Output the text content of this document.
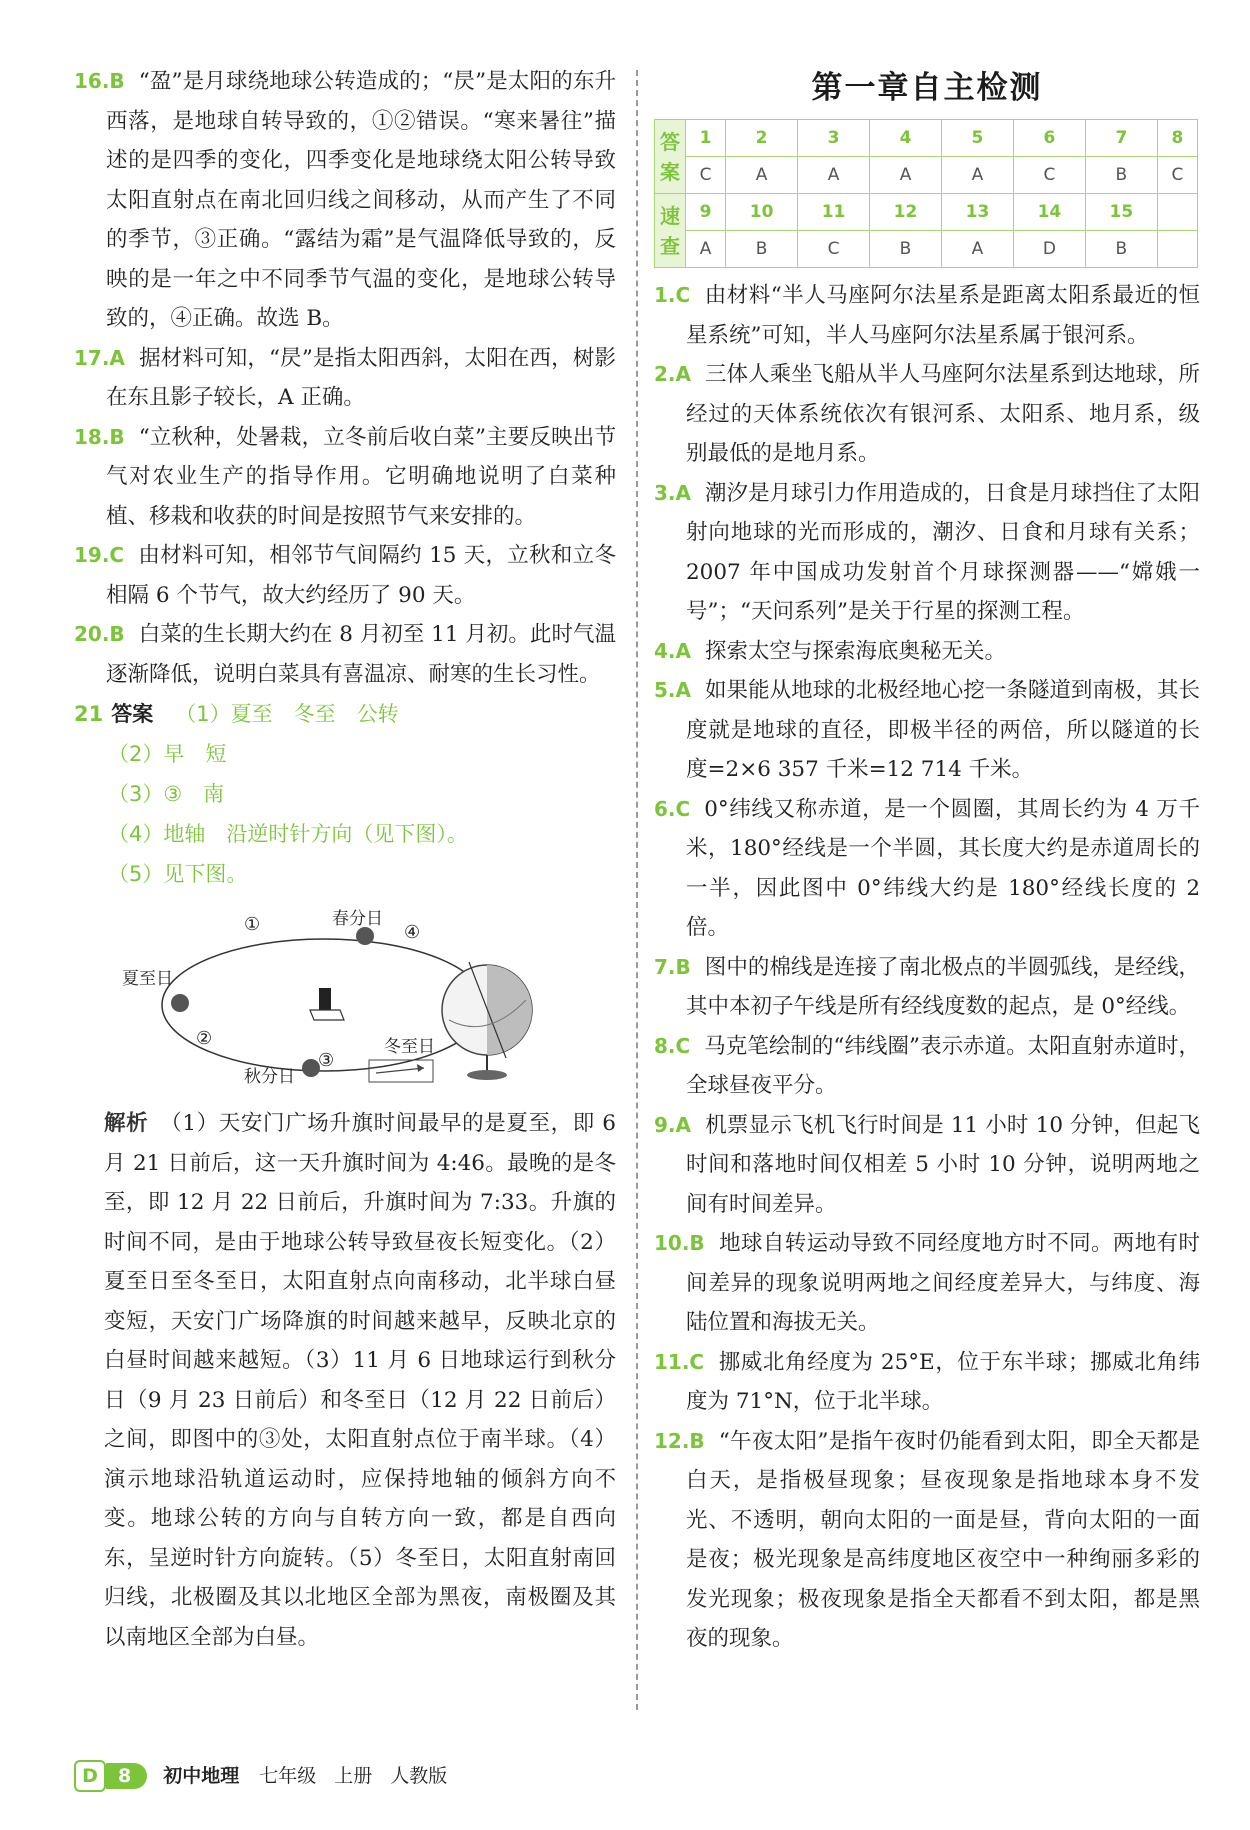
16.B “盈”是月球绕地球公转造成的；“昃”是太阳的东升西落，是地球自转导致的，①②错误。“寒来暑往”描述的是四季的变化，四季变化是地球绕太阳公转导致太阳直射点在南北回归线之间移动，从而产生了不同的季节，③正确。“露结为霜”是气温降低导致的，反映的是一年之中不同季节气温的变化，是地球公转导致的，④正确。故选 B。

17.A 据材料可知，“昃”是指太阳西斜，太阳在西，树影在东且影子较长，A 正确。

18.B “立秋种，处暑栽，立冬前后收白菜”主要反映出节气对农业生产的指导作用。它明确地说明了白菜种植、移栽和收获的时间是按照节气来安排的。

19.C 由材料可知，相邻节气间隔约 15 天，立秋和立冬相隔 6 个节气，故大约经历了 90 天。

20.B 白菜的生长期大约在 8 月初至 11 月初。此时气温逐渐降低，说明白菜具有喜温凉、耐寒的生长习性。

21 答案 （1）夏至　冬至　公转

（2）早　短

（3）③　南

（4）地轴　沿逆时针方向（见下图）。

（5）见下图。

春分日
夏至日
秋分日
冬至日
①
②
③
④

解析 （1）天安门广场升旗时间最早的是夏至，即 6 月 21 日前后，这一天升旗时间为 4:46。最晚的是冬至，即 12 月 22 日前后，升旗时间为 7:33。升旗的时间不同，是由于地球公转导致昼夜长短变化。（2）夏至日至冬至日，太阳直射点向南移动，北半球白昼变短，天安门广场降旗的时间越来越早，反映北京的白昼时间越来越短。（3）11 月 6 日地球运行到秋分日（9 月 23 日前后）和冬至日（12 月 22 日前后）之间，即图中的③处，太阳直射点位于南半球。（4）演示地球沿轨道运动时，应保持地轴的倾斜方向不变。地球公转的方向与自转方向一致，都是自西向东，呈逆时针方向旋转。（5）冬至日，太阳直射南回归线，北极圈及其以北地区全部为黑夜，南极圈及其以南地区全部为白昼。

第一章自主检测
答
案	1	2	3	4	5	6	7	8
	C	A	A	A	A	C	B	C
速
查	9	10	11	12	13	14	15	
	A	B	C	B	A	D	B	

1.C 由材料“半人马座阿尔法星系是距离太阳系最近的恒星系统”可知，半人马座阿尔法星系属于银河系。

2.A 三体人乘坐飞船从半人马座阿尔法星系到达地球，所经过的天体系统依次有银河系、太阳系、地月系，级别最低的是地月系。

3.A 潮汐是月球引力作用造成的，日食是月球挡住了太阳射向地球的光而形成的，潮汐、日食和月球有关系；2007 年中国成功发射首个月球探测器——“嫦娥一号”；“天问系列”是关于行星的探测工程。

4.A 探索太空与探索海底奥秘无关。

5.A 如果能从地球的北极经地心挖一条隧道到南极，其长度就是地球的直径，即极半径的两倍，所以隧道的长度=2×6 357 千米=12 714 千米。

6.C 0°纬线又称赤道，是一个圆圈，其周长约为 4 万千米，180°经线是一个半圆，其长度大约是赤道周长的一半，因此图中 0°纬线大约是 180°经线长度的 2 倍。

7.B 图中的棉线是连接了南北极点的半圆弧线，是经线，其中本初子午线是所有经线度数的起点，是 0°经线。

8.C 马克笔绘制的“纬线圈”表示赤道。太阳直射赤道时，全球昼夜平分。

9.A 机票显示飞机飞行时间是 11 小时 10 分钟，但起飞时间和落地时间仅相差 5 小时 10 分钟，说明两地之间有时间差异。

10.B 地球自转运动导致不同经度地方时不同。两地有时间差异的现象说明两地之间经度差异大，与纬度、海陆位置和海拔无关。

11.C 挪威北角经度为 25°E，位于东半球；挪威北角纬度为 71°N，位于北半球。

12.B “午夜太阳”是指午夜时仍能看到太阳，即全天都是白天，是指极昼现象；昼夜现象是指地球本身不发光、不透明，朝向太阳的一面是昼，背向太阳的一面是夜；极光现象是高纬度地区夜空中一种绚丽多彩的发光现象；极夜现象是指全天都看不到太阳，都是黑夜的现象。

D 8 初中地理 七年级 上册 人教版
